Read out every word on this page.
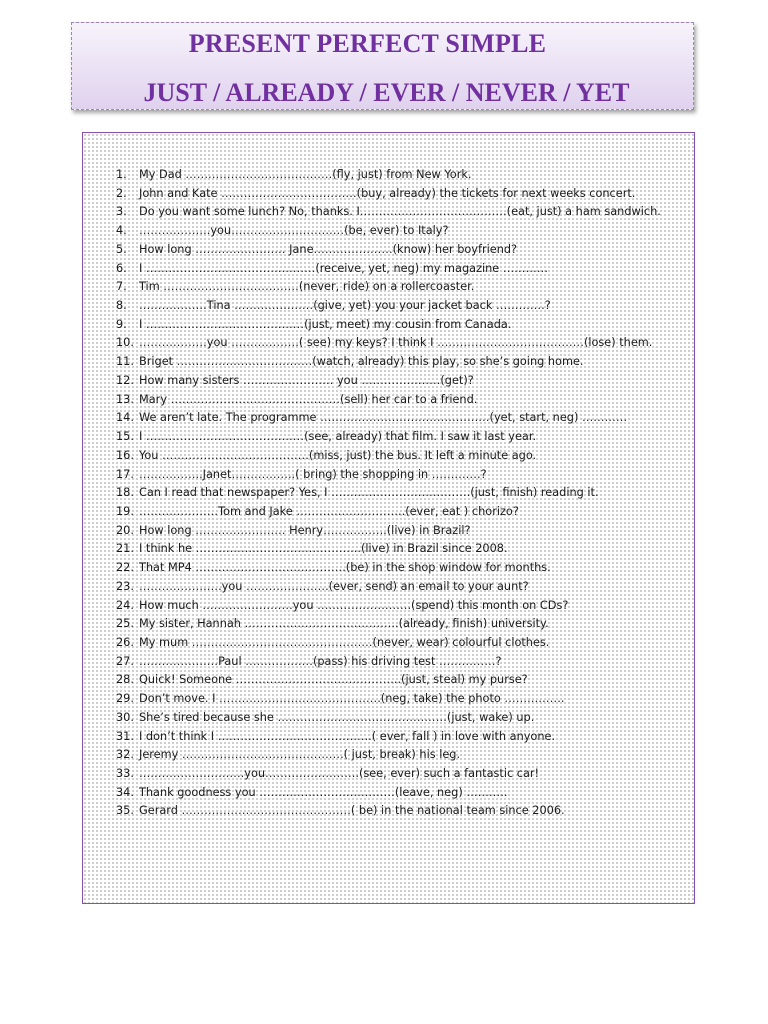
PRESENT PERFECT SIMPLE
JUST / ALREADY / EVER / NEVER / YET
1. My Dad …………………………………(fly, just) from New York.
2. John and Kate ………………………………(buy, already) the tickets for next weeks concert.
3. Do you want some lunch? No, thanks. I…………………………………(eat, just) a ham sandwich.
4. ……………….you…………………………(be, ever) to Italy?
5. How long …………………… Jane…………………(know) her boyfriend?
6. I ………………………………………(receive, yet, neg) my magazine …………
7. Tim ………………………………(never, ride) on a rollercoaster.
8. ………………Tina …………………(give, yet) you your jacket back ………….?
9. I ……………………………………(just, meet) my cousin from Canada.
10. ………………you ………………( see) my keys? I think I …………………………………(lose) them.
11. Briget ………………………………(watch, already) this play, so she’s going home.
12. How many sisters …………………… you …………………(get)?
13. Mary ………………………………………(sell) her car to a friend.
14. We aren’t late. The programme ………………………………………(yet, start, neg) …………
15. I ……………………………………(see, already) that film. I saw it last year.
16. You …………………………………(miss, just) the bus. It left a minute ago.
17. ……………..Janet……………..( bring) the shopping in ………….?
18. Can I read that newspaper? Yes, I ……………………………….(just, finish) reading it.
19. …………………Tom and Jake ………………………..(ever, eat ) chorizo?
20. How long …………………… Henry……………..(live) in Brazil?
21. I think he ……………………………………..(live) in Brazil since 2008.
22. That MP4 ………………………………….(be) in the shop window for months.
23. ………………….you ………………….(ever, send) an email to your aunt?
24. How much ……………………you …………………….(spend) this month on CDs?
25. My sister, Hannah …………………………………..(already, finish) university.
26. My mum …………………………………………(never, wear) colourful clothes.
27. …………………Paul ………………(pass) his driving test ……………?
28. Quick! Someone ……………………………………..(just, steal) my purse?
29. Don’t move. I …………………………………….(neg, take) the photo …………….
30. She’s tired because she ………………………………………(just, wake) up.
31. I don’t think I …………………………………..( ever, fall ) in love with anyone.
32. Jeremy …………………………………….( just, break) his leg.
33. ……………………….you…………………….(see, ever) such a fantastic car!
34. Thank goodness you ………………………………(leave, neg) ………..
35. Gerard ………………………………………( be) in the national team since 2006.
